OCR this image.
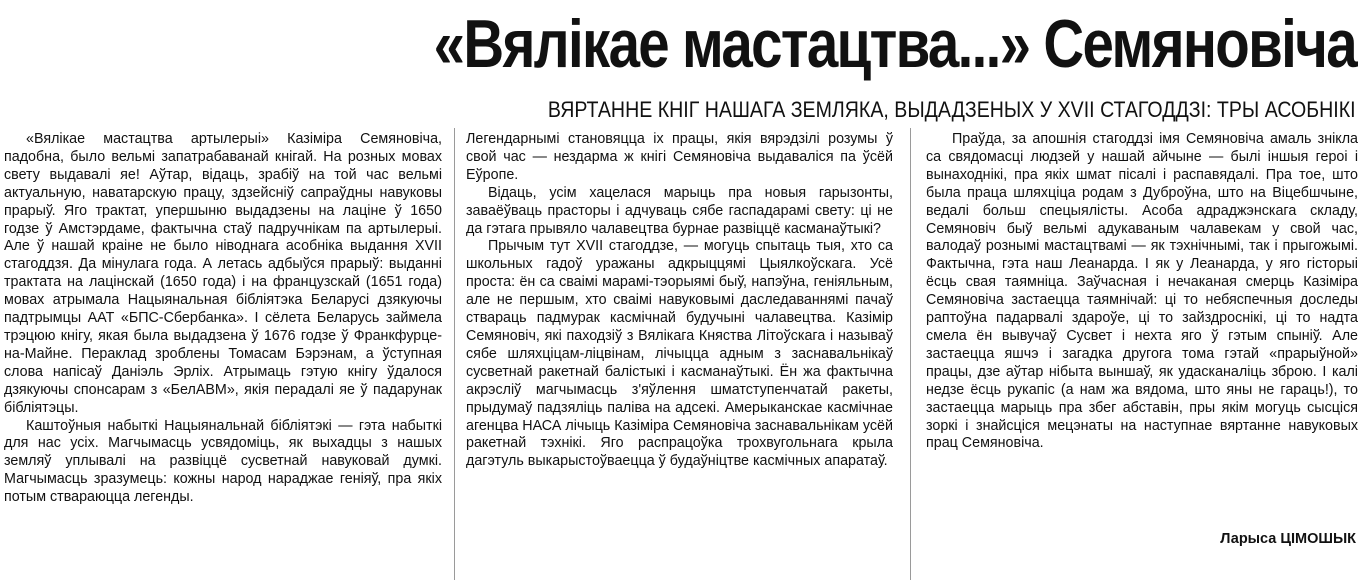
«Вялікае мастацтва...» Семяновіча
ВЯРТАННЕ КНІГ НАШАГА ЗЕМЛЯКА, ВЫДАДЗЕНЫХ У XVII СТАГОДДЗІ: ТРЫ АСОБНІКІ

«Вялікае мастацтва артылерыі» Казіміра Семяновіча, падобна, было вельмі запатрабаванай кнігай. На розных мовах свету выдавалі яе! Аўтар, відаць, зрабіў на той час вельмі актуальную, наватарскую працу, здзейсніў сапраўдны навуковы прарыў. Яго трактат, упершыню выдадзены на лаціне ў 1650 годзе ў Амстэрдаме, фактычна стаў падручнікам па артылерыі. Але ў нашай краіне не было ніводнага асобніка выдання XVII стагоддзя. Да мінулага года. А летась адбыўся прарыў: выданні трактата на лацінскай (1650 года) і на французскай (1651 года) мовах атрымала Нацыянальная бібліятэка Беларусі дзякуючы падтрымцы ААТ «БПС-Сбербанка». І сёлета Беларусь займела трэцюю кнігу, якая была выдадзена ў 1676 годзе ў Франкфурце-на-Майне. Пераклад зроблены Томасам Бэрэнам, а ўступная слова напісаў Даніэль Эрліх. Атрымаць гэтую кнігу ўдалося дзякуючы спонсарам з «БелАВМ», якія перадалі яе ў падарунак бібліятэцы.

Каштоўныя набыткі Нацыянальнай бібліятэкі — гэта набыткі для нас усіх. Магчымасць усвядоміць, як выхадцы з нашых земляў уплывалі на развіццё сусветнай навуковай думкі. Магчымасць зразумець: кожны народ нараджае геніяў, пра якіх потым ствараюцца легенды.

Легендарнымі становяцца іх працы, якія вярэдзілі розумы ў свой час — нездарма ж кнігі Семяновіча выдаваліся па ўсёй Еўропе.

Відаць, усім хацелася марыць пра новыя гарызонты, заваёўваць прасторы і адчуваць сябе гаспадарамі свету: ці не да гэтага прывяло чалавецтва бурнае развіццё касманаўтыкі?

Прычым тут XVII стагоддзе, — могуць спытаць тыя, хто са школьных гадоў уражаны адкрыццямі Цыялкоўскага. Усё проста: ён са сваімі марамі-тэорыямі быў, напэўна, геніяльным, але не першым, хто сваімі навуковымі даследаваннямі пачаў ствараць падмурак касмічнай будучыні чалавецтва. Казімір Семяновіч, які паходзіў з Вялікага Княства Літоўскага і называў сябе шляхціцам-ліцвінам, лічыцца адным з заснавальнікаў сусветнай ракетнай балістыкі і касманаўтыкі. Ён жа фактычна акрэсліў магчымасць з'яўлення шматступенчатай ракеты, прыдумаў падзяліць паліва на адсекі. Амерыканскае касмічнае агенцва НАСА лічыць Казіміра Семяновіча заснавальнікам усёй ракетнай тэхнікі. Яго распрацоўка трохвугольнага крыла дагэтуль выкарыстоўваецца ў будаўніцтве касмічных апаратаў.

Праўда, за апошнія стагоддзі імя Семяновіча амаль знікла са свядомасці людзей у нашай айчыне — былі іншыя героі і вынаходнікі, пра якіх шмат пісалі і распавядалі. Пра тое, што была праца шляхціца родам з Дуброўна, што на Віцебшчыне, ведалі больш спецыялісты. Асоба адраджэнскага складу, Семяновіч быў вельмі адукаваным чалавекам у свой час, валодаў рознымі мастацтвамі — як тэхнічнымі, так і прыгожымі. Фактычна, гэта наш Леанарда. І як у Леанарда, у яго гісторыі ёсць свая таямніца. Заўчасная і нечаканая смерць Казіміра Семяновіча застаецца таямнічай: ці то небяспечныя доследы раптоўна падарвалі здароўе, ці то зайздроснікі, ці то надта смела ён вывучаў Сусвет і нехта яго ў гэтым спыніў. Але застаецца яшчэ і загадка другога тома гэтай «прарыўной» працы, дзе аўтар нібыта выншаў, як удасканаліць зброю. І калі недзе ёсць рукапіс (а нам жа вядома, што яны не гараць!), то застаецца марыць пра збег абставін, пры якім могуць сысціся зоркі і знайсціся мецэнаты на наступнае вяртанне навуковых прац Семяновіча.

Ларыса ЦІМОШЫК
